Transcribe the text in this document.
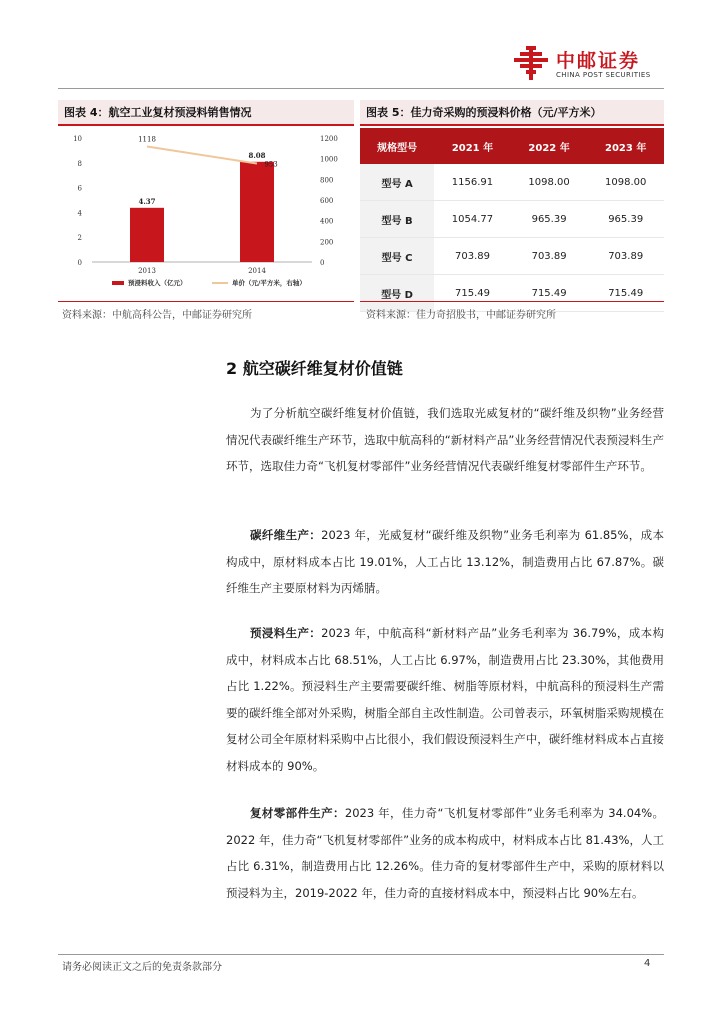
中邮证券
CHINA POST SECURITIES
图表 4：航空工业复材预浸料销售情况	图表 5：佳力奇采购的预浸料价格（元/平方米）
0
2
4
6
8
10
0
200
400
600
800
1000
1200
2013	2014
4.37
8.08
1118
953
预浸料收入（亿元）	单价（元/平方米，右轴）
规格型号	2021 年	2022 年	2023 年
型号 A	1156.91	1098.00	1098.00
型号 B	1054.77	965.39	965.39
型号 C	703.89	703.89	703.89
型号 D	715.49	715.49	715.49
资料来源：中航高科公告，中邮证券研究所	资料来源：佳力奇招股书，中邮证券研究所
2 航空碳纤维复材价值链

为了分析航空碳纤维复材价值链，我们选取光威复材的“碳纤维及织物”业务经营情况代表碳纤维生产环节，选取中航高科的“新材料产品”业务经营情况代表预浸料生产环节，选取佳力奇“飞机复材零部件”业务经营情况代表碳纤维复材零部件生产环节。

碳纤维生产：2023 年，光威复材“碳纤维及织物”业务毛利率为 61.85%，成本构成中，原材料成本占比 19.01%，人工占比 13.12%，制造费用占比 67.87%。碳纤维生产主要原材料为丙烯腈。

预浸料生产：2023 年，中航高科“新材料产品”业务毛利率为 36.79%，成本构成中，材料成本占比 68.51%，人工占比 6.97%，制造费用占比 23.30%，其他费用占比 1.22%。预浸料生产主要需要碳纤维、树脂等原材料，中航高科的预浸料生产需要的碳纤维全部对外采购，树脂全部自主改性制造。公司曾表示，环氧树脂采购规模在复材公司全年原材料采购中占比很小，我们假设预浸料生产中，碳纤维材料成本占直接材料成本的 90%。

复材零部件生产：2023 年，佳力奇“飞机复材零部件”业务毛利率为 34.04%。2022 年，佳力奇“飞机复材零部件”业务的成本构成中，材料成本占比 81.43%，人工占比 6.31%，制造费用占比 12.26%。佳力奇的复材零部件生产中，采购的原材料以预浸料为主，2019-2022 年，佳力奇的直接材料成本中，预浸料占比 90%左右。

请务必阅读正文之后的免责条款部分	4
